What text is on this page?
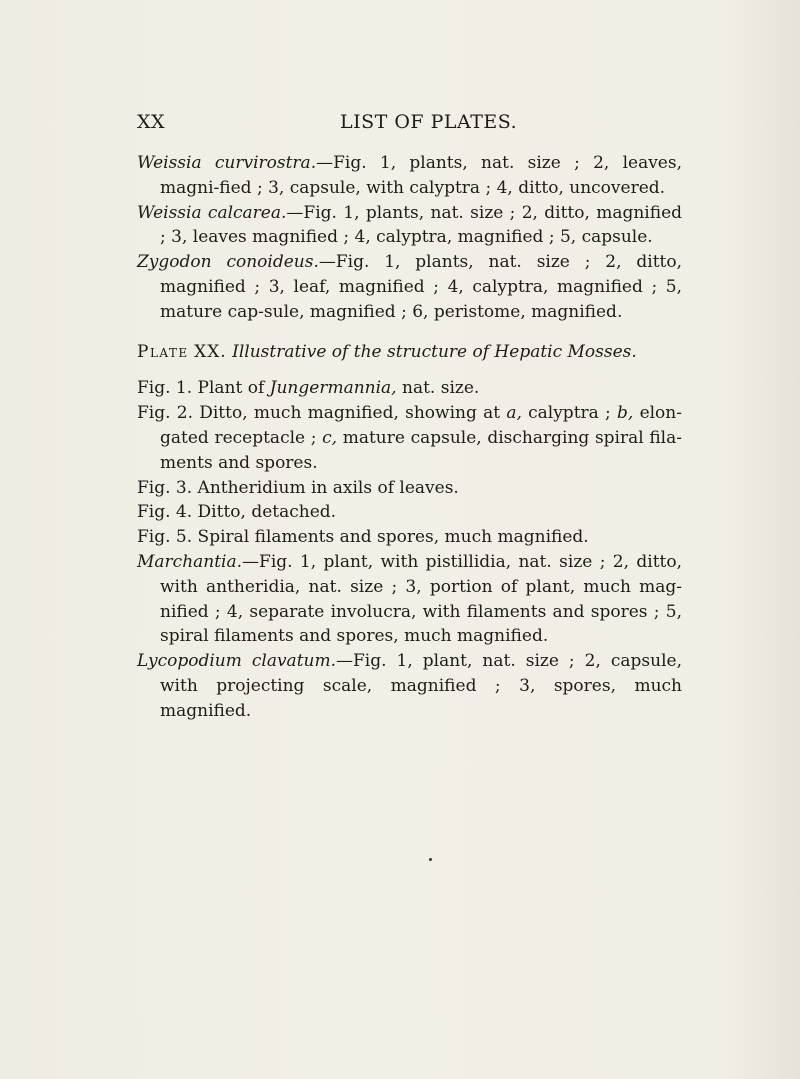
XX	LIST OF PLATES.

Weissia curvirostra.—Fig. 1, plants, nat. size ; 2, leaves, magni-fied ; 3, capsule, with calyptra ; 4, ditto, uncovered.

Weissia calcarea.—Fig. 1, plants, nat. size ; 2, ditto, magnified ; 3, leaves magnified ; 4, calyptra, magnified ; 5, capsule.

Zygodon conoideus.—Fig. 1, plants, nat. size ; 2, ditto, magnified ; 3, leaf, magnified ; 4, calyptra, magnified ; 5, mature cap-sule, magnified ; 6, peristome, magnified.

Plate XX. Illustrative of the structure of Hepatic Mosses.

Fig. 1. Plant of Jungermannia, nat. size.

Fig. 2. Ditto, much magnified, showing at a, calyptra ; b, elon-gated receptacle ; c, mature capsule, discharging spiral fila-ments and spores.

Fig. 3. Antheridium in axils of leaves.

Fig. 4. Ditto, detached.

Fig. 5. Spiral filaments and spores, much magnified.

Marchantia.—Fig. 1, plant, with pistillidia, nat. size ; 2, ditto, with antheridia, nat. size ; 3, portion of plant, much mag-nified ; 4, separate involucra, with filaments and spores ; 5, spiral filaments and spores, much magnified.

Lycopodium clavatum.—Fig. 1, plant, nat. size ; 2, capsule, with projecting scale, magnified ; 3, spores, much magnified.
